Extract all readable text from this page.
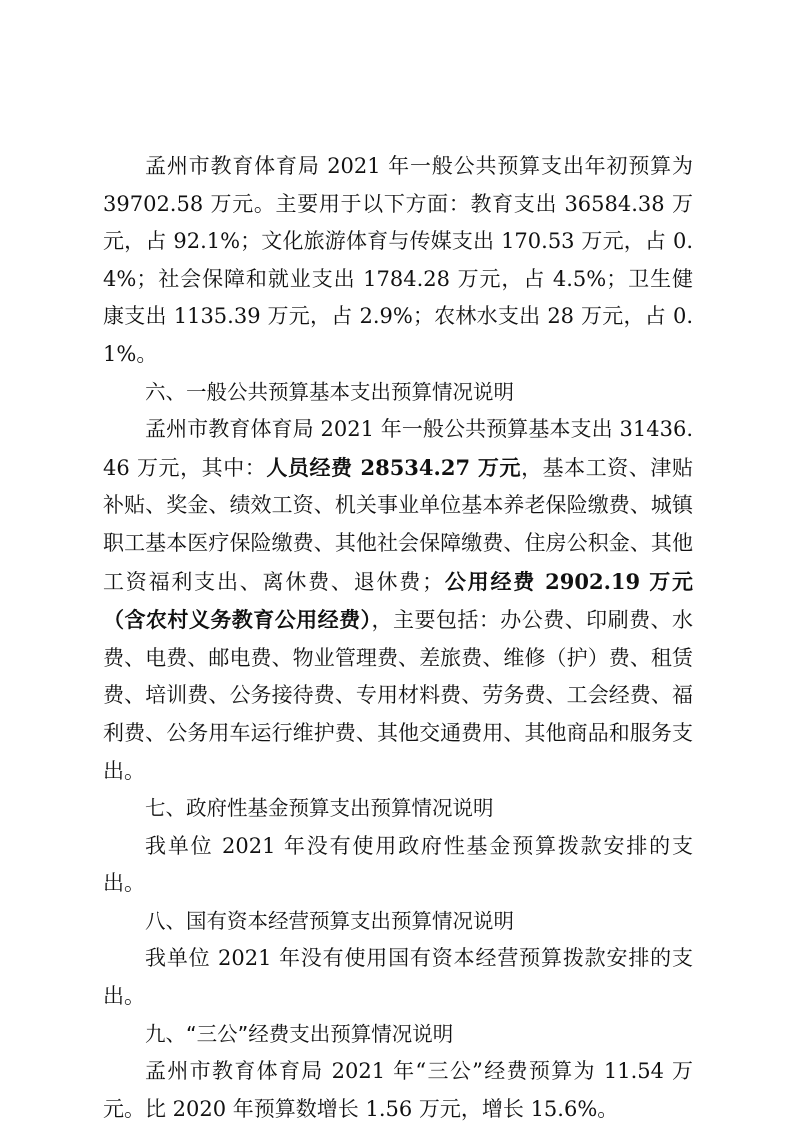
孟州市教育体育局 2021 年一般公共预算支出年初预算为 39702.58 万元。主要用于以下方面：教育支出 36584.38 万元，占 92.1%；文化旅游体育与传媒支出 170.53 万元，占 0.4%；社会保障和就业支出 1784.28 万元，占 4.5%；卫生健康支出 1135.39 万元，占 2.9%；农林水支出 28 万元，占 0.1%。

六、一般公共预算基本支出预算情况说明

孟州市教育体育局 2021 年一般公共预算基本支出 31436.46 万元，其中：人员经费 28534.27 万元，基本工资、津贴补贴、奖金、绩效工资、机关事业单位基本养老保险缴费、城镇职工基本医疗保险缴费、其他社会保障缴费、住房公积金、其他工资福利支出、离休费、退休费；公用经费 2902.19 万元（含农村义务教育公用经费），主要包括：办公费、印刷费、水费、电费、邮电费、物业管理费、差旅费、维修（护）费、租赁费、培训费、公务接待费、专用材料费、劳务费、工会经费、福利费、公务用车运行维护费、其他交通费用、其他商品和服务支出。

七、政府性基金预算支出预算情况说明

我单位 2021 年没有使用政府性基金预算拨款安排的支出。

八、国有资本经营预算支出预算情况说明

我单位 2021 年没有使用国有资本经营预算拨款安排的支出。

九、“三公”经费支出预算情况说明

孟州市教育体育局 2021 年“三公”经费预算为 11.54 万元。比 2020 年预算数增长 1.56 万元，增长 15.6%。
